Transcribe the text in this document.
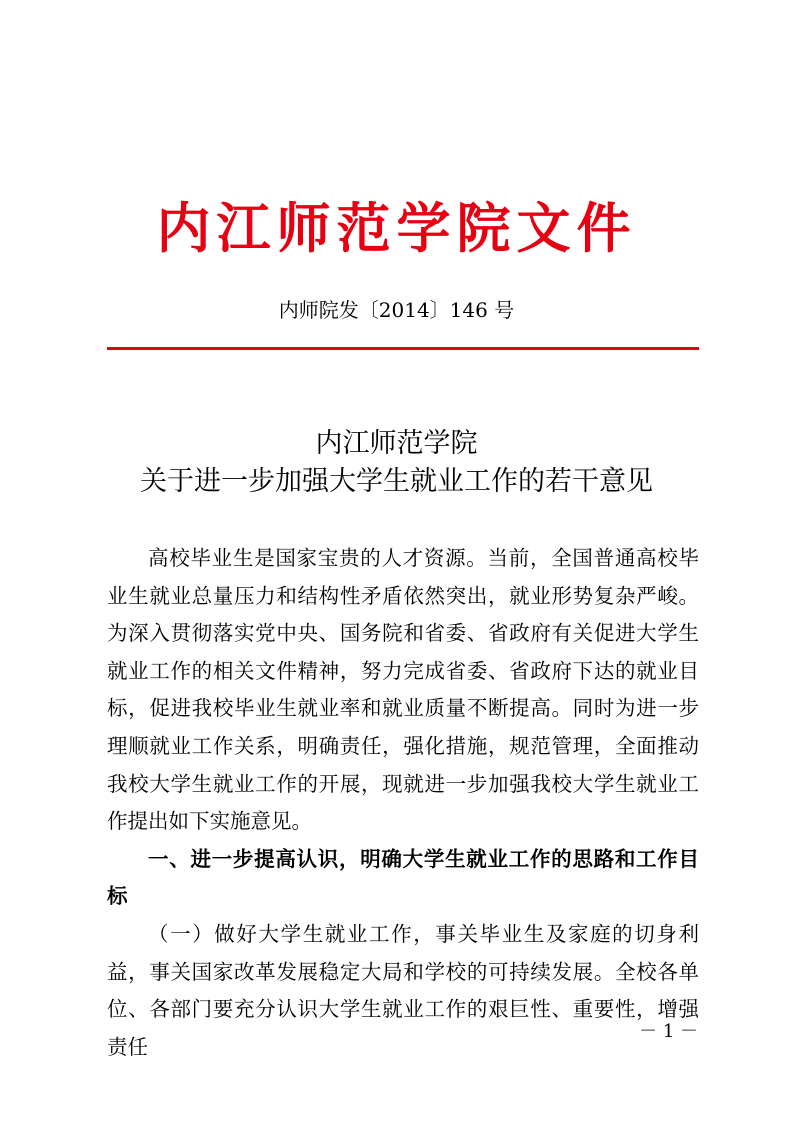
内江师范学院文件
内师院发〔2014〕146 号
内江师范学院
关于进一步加强大学生就业工作的若干意见

高校毕业生是国家宝贵的人才资源。当前，全国普通高校毕业生就业总量压力和结构性矛盾依然突出，就业形势复杂严峻。为深入贯彻落实党中央、国务院和省委、省政府有关促进大学生就业工作的相关文件精神，努力完成省委、省政府下达的就业目标，促进我校毕业生就业率和就业质量不断提高。同时为进一步理顺就业工作关系，明确责任，强化措施，规范管理，全面推动我校大学生就业工作的开展，现就进一步加强我校大学生就业工作提出如下实施意见。

一、进一步提高认识，明确大学生就业工作的思路和工作目标

（一）做好大学生就业工作，事关毕业生及家庭的切身利益，事关国家改革发展稳定大局和学校的可持续发展。全校各单位、各部门要充分认识大学生就业工作的艰巨性、重要性，增强责任

－ 1 －
